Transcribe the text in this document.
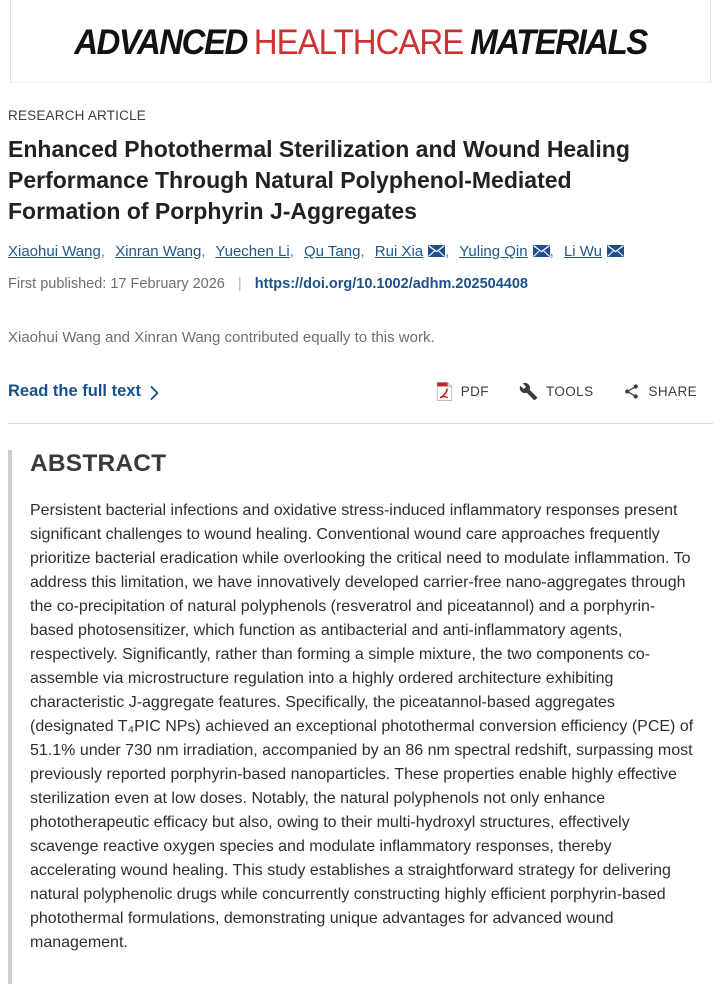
ADVANCED HEALTHCARE MATERIALS
RESEARCH ARTICLE
Enhanced Photothermal Sterilization and Wound Healing Performance Through Natural Polyphenol-Mediated Formation of Porphyrin J-Aggregates
Xiaohui Wang, Xinran Wang, Yuechen Li, Qu Tang, Rui Xia , Yuling Qin , Li Wu
First published: 17 February 2026 | https://doi.org/10.1002/adhm.202504408
Xiaohui Wang and Xinran Wang contributed equally to this work.
Read the full text	PDF	TOOLS	SHARE
ABSTRACT
Persistent bacterial infections and oxidative stress-induced inflammatory responses present significant challenges to wound healing. Conventional wound care approaches frequently prioritize bacterial eradication while overlooking the critical need to modulate inflammation. To address this limitation, we have innovatively developed carrier-free nano-aggregates through the co-precipitation of natural polyphenols (resveratrol and piceatannol) and a porphyrin-based photosensitizer, which function as antibacterial and anti-inflammatory agents, respectively. Significantly, rather than forming a simple mixture, the two components co-assemble via microstructure regulation into a highly ordered architecture exhibiting characteristic J-aggregate features. Specifically, the piceatannol-based aggregates (designated T₄PIC NPs) achieved an exceptional photothermal conversion efficiency (PCE) of 51.1% under 730 nm irradiation, accompanied by an 86 nm spectral redshift, surpassing most previously reported porphyrin-based nanoparticles. These properties enable highly effective sterilization even at low doses. Notably, the natural polyphenols not only enhance phototherapeutic efficacy but also, owing to their multi-hydroxyl structures, effectively scavenge reactive oxygen species and modulate inflammatory responses, thereby accelerating wound healing. This study establishes a straightforward strategy for delivering natural polyphenolic drugs while concurrently constructing highly efficient porphyrin-based photothermal formulations, demonstrating unique advantages for advanced wound management.
